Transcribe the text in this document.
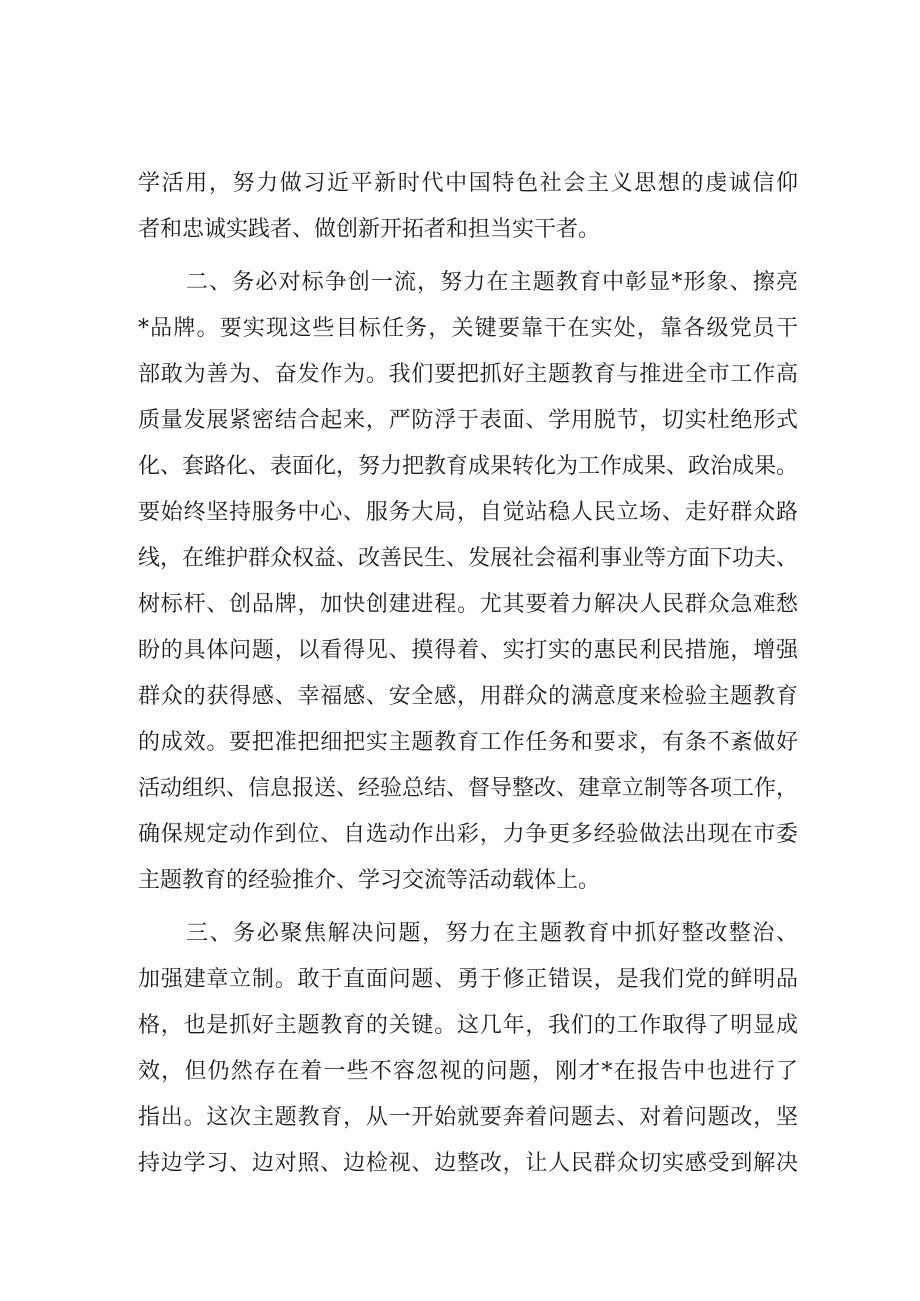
学活用，努力做习近平新时代中国特色社会主义思想的虔诚信仰
者和忠诚实践者、做创新开拓者和担当实干者。
二、务必对标争创一流，努力在主题教育中彰显*形象、擦亮
*品牌。要实现这些目标任务，关键要靠干在实处，靠各级党员干
部敢为善为、奋发作为。我们要把抓好主题教育与推进全市工作高
质量发展紧密结合起来，严防浮于表面、学用脱节，切实杜绝形式
化、套路化、表面化，努力把教育成果转化为工作成果、政治成果。
要始终坚持服务中心、服务大局，自觉站稳人民立场、走好群众路
线，在维护群众权益、改善民生、发展社会福利事业等方面下功夫、
树标杆、创品牌，加快创建进程。尤其要着力解决人民群众急难愁
盼的具体问题，以看得见、摸得着、实打实的惠民利民措施，增强
群众的获得感、幸福感、安全感，用群众的满意度来检验主题教育
的成效。要把准把细把实主题教育工作任务和要求，有条不紊做好
活动组织、信息报送、经验总结、督导整改、建章立制等各项工作，
确保规定动作到位、自选动作出彩，力争更多经验做法出现在市委
主题教育的经验推介、学习交流等活动载体上。
三、务必聚焦解决问题，努力在主题教育中抓好整改整治、
加强建章立制。敢于直面问题、勇于修正错误，是我们党的鲜明品
格，也是抓好主题教育的关键。这几年，我们的工作取得了明显成
效，但仍然存在着一些不容忽视的问题，刚才*在报告中也进行了
指出。这次主题教育，从一开始就要奔着问题去、对着问题改，坚
持边学习、边对照、边检视、边整改，让人民群众切实感受到解决
